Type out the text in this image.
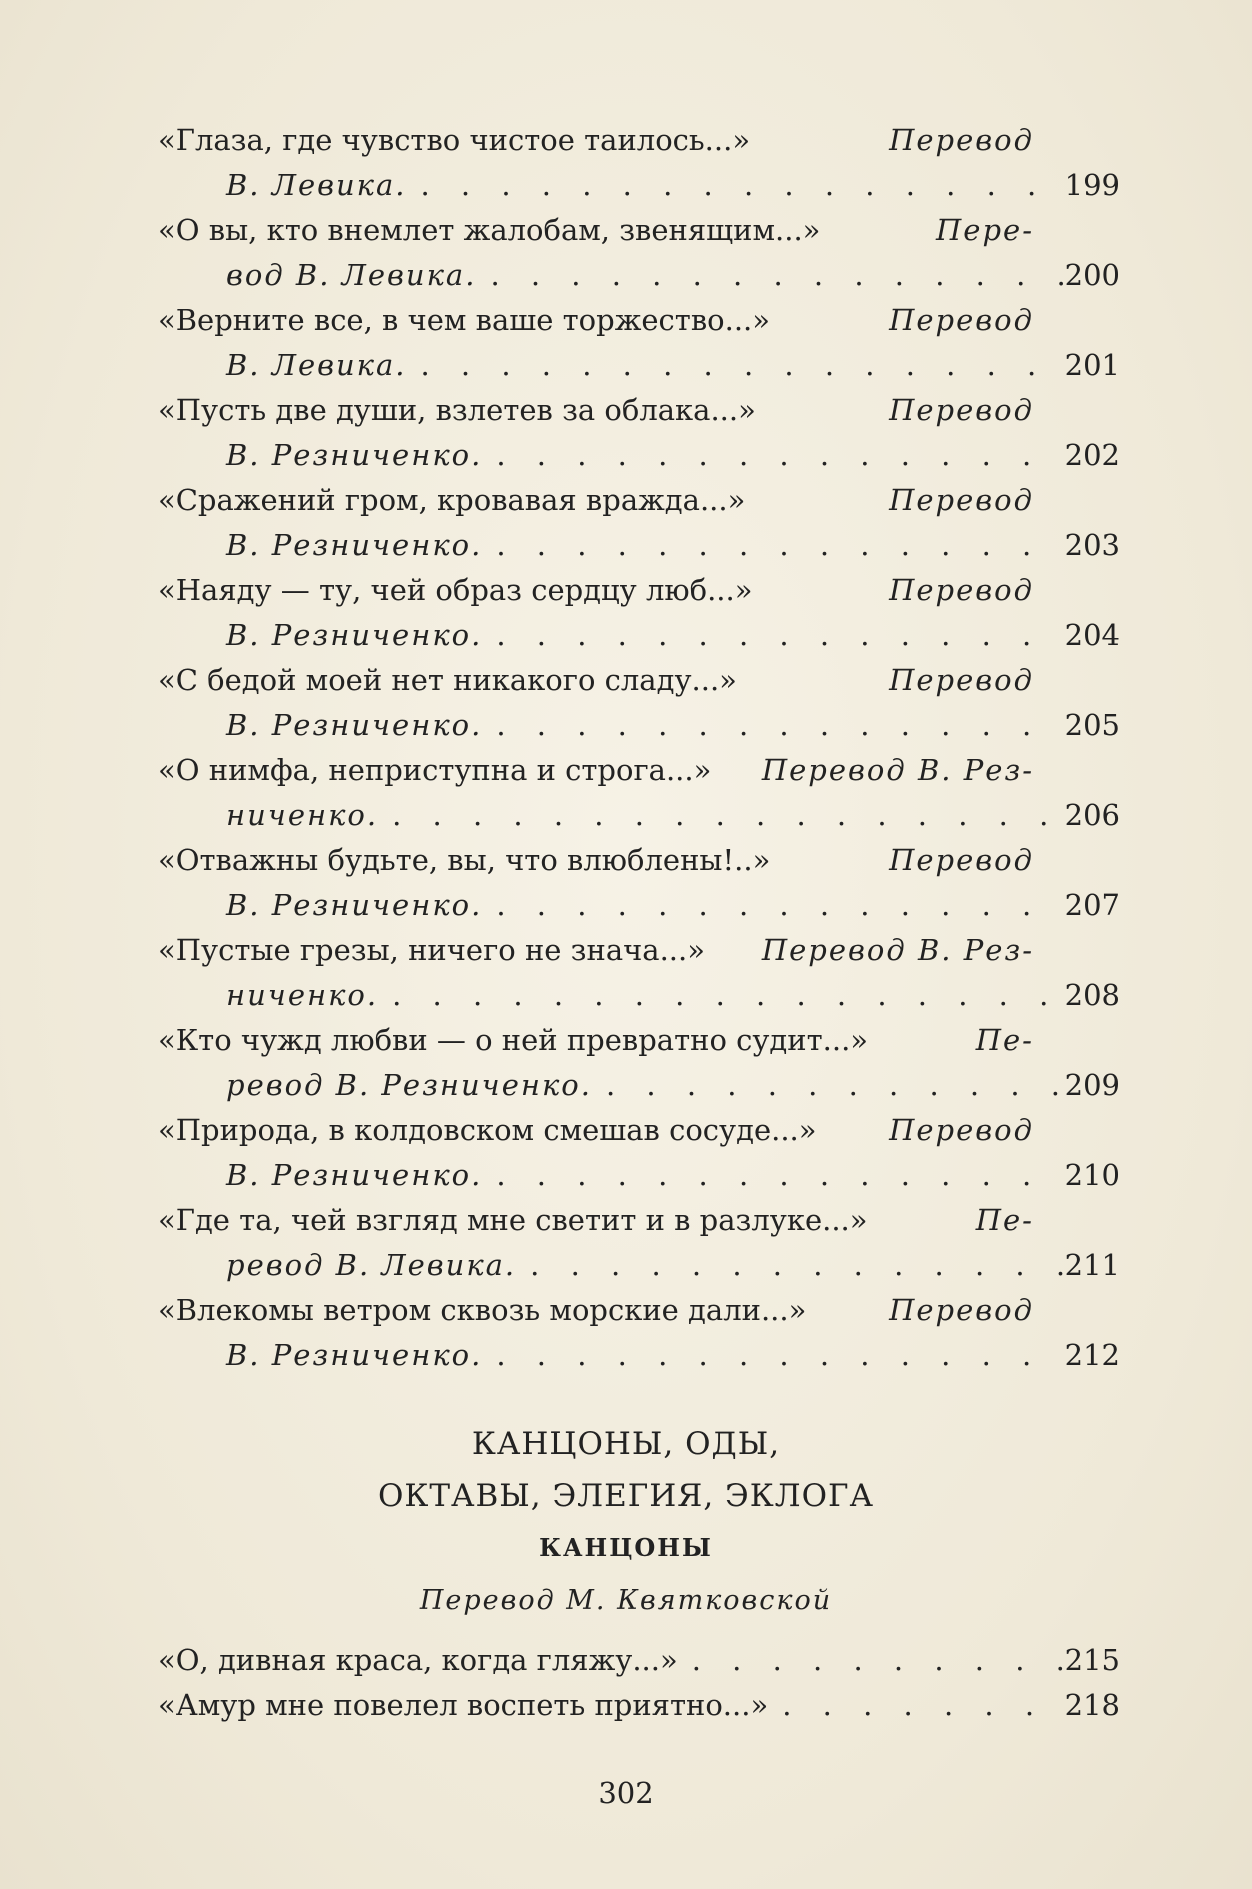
«Глаза, где чувство чистое таилось...»	Перевод
В. Левика. . . .	199
«О вы, кто внемлет жалобам, звенящим...»	Пере-
вод В. Левика. . . .	200
«Верните все, в чем ваше торжество...»	Перевод
В. Левика. . . .	201
«Пусть две души, взлетев за облака...»	Перевод
В. Резниченко. . . .	202
«Сражений гром, кровавая вражда...»	Перевод
В. Резниченко. . . .	203
«Наяду — ту, чей образ сердцу люб...»	Перевод
В. Резниченко. . . .	204
«С бедой моей нет никакого сладу...»	Перевод
В. Резниченко. . . .	205
«О нимфа, неприступна и строга...» Перевод В. Рез-
ниченко. . . .	206
«Отважны будьте, вы, что влюблены!..»	Перевод
В. Резниченко. . . .	207
«Пустые грезы, ничего не знача...» Перевод В. Рез-
ниченко. . . .	208
«Кто чужд любви — о ней превратно судит...»	Пе-
ревод В. Резниченко. . . .	209
«Природа, в колдовском смешав сосуде...»	Перевод
В. Резниченко. . . .	210
«Где та, чей взгляд мне светит и в разлуке...»	Пе-
ревод В. Левика. . . .	211
«Влекомы ветром сквозь морские дали...»	Перевод
В. Резниченко. . . .	212
КАНЦОНЫ, ОДЫ,
ОКТАВЫ, ЭЛЕГИЯ, ЭКЛОГА
КАНЦОНЫ
Перевод М. Квятковской
«О, дивная краса, когда гляжу...» . . .	215
«Амур мне повелел воспеть приятно...» . . .	218
302
